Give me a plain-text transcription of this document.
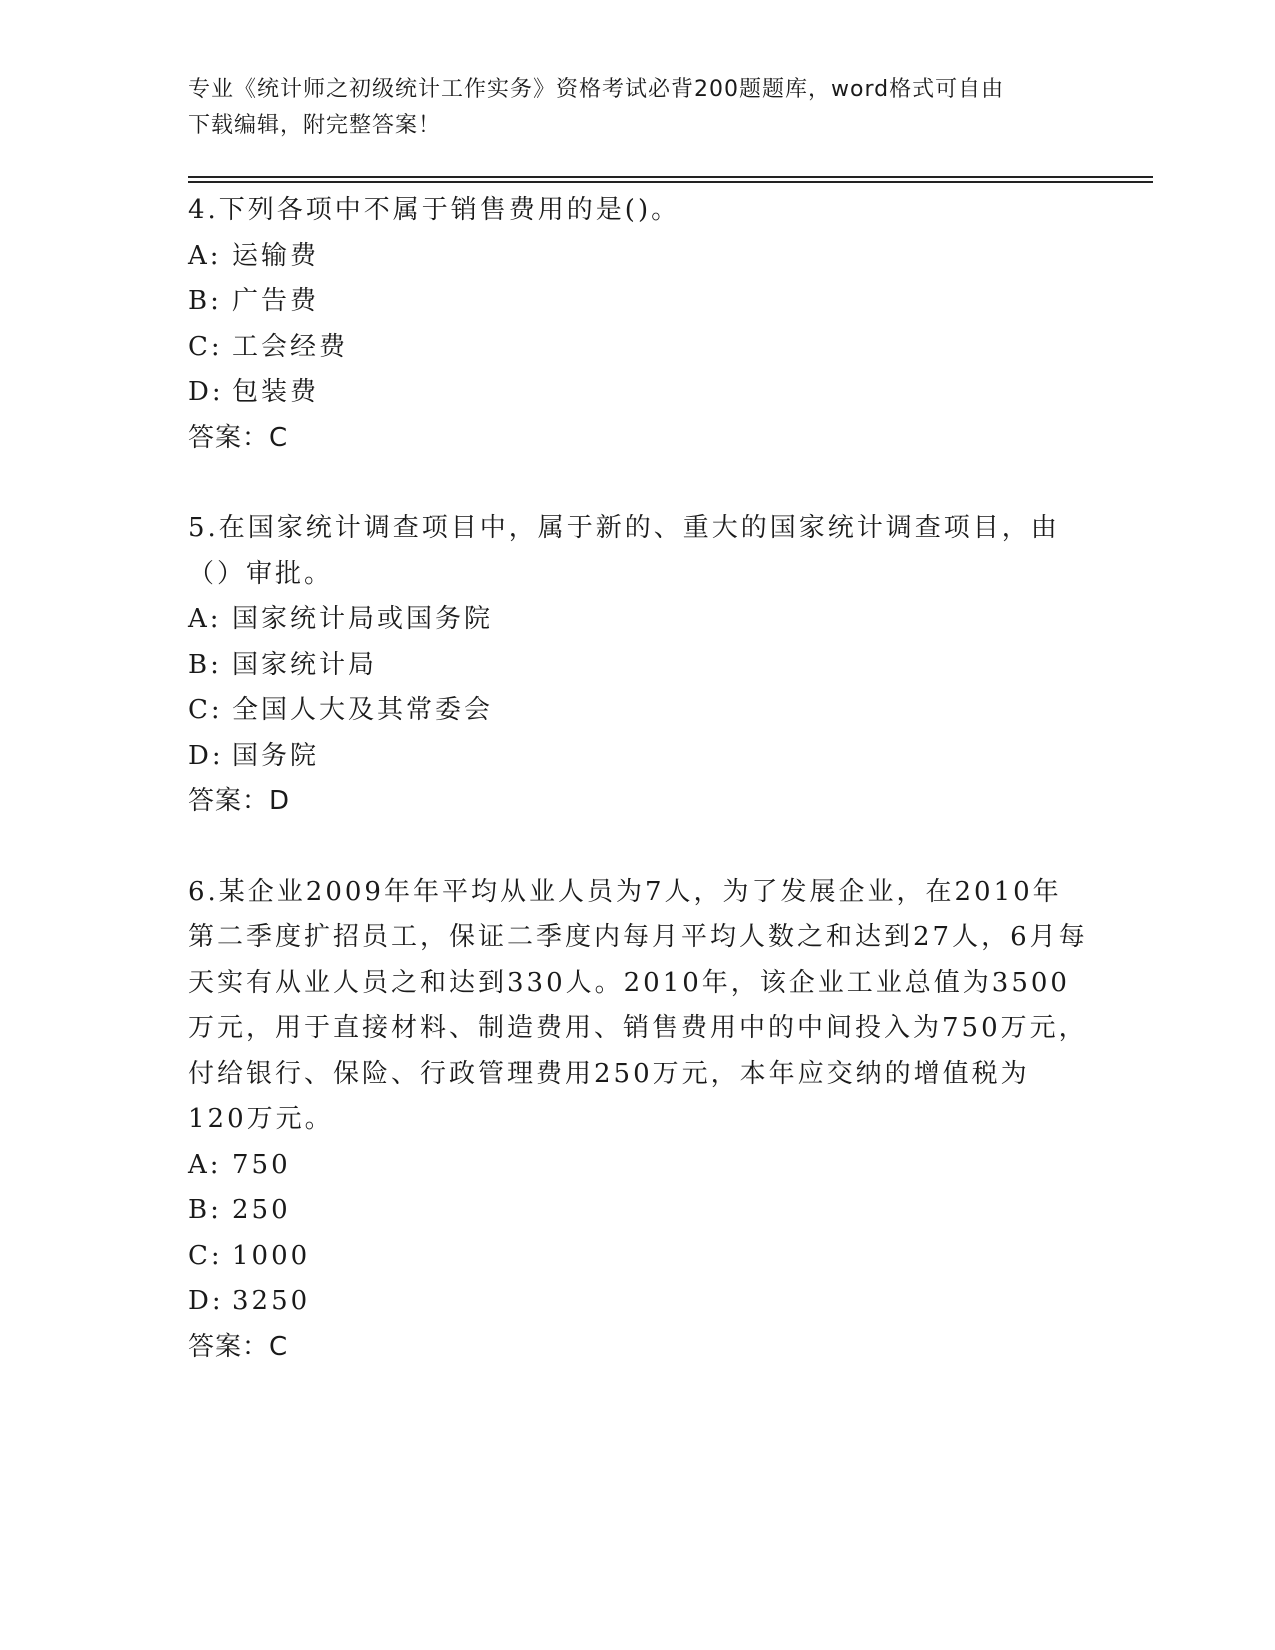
专业《统计师之初级统计工作实务》资格考试必背200题题库，word格式可自由
下载编辑，附完整答案！

4.下列各项中不属于销售费用的是()。

A: 运输费

B: 广告费

C: 工会经费

D: 包装费

答案：C

5.在国家统计调查项目中，属于新的、重大的国家统计调查项目，由（）审批。

A: 国家统计局或国务院

B: 国家统计局

C: 全国人大及其常委会

D: 国务院

答案：D

6.某企业2009年年平均从业人员为7人，为了发展企业，在2010年第二季度扩招员工，保证二季度内每月平均人数之和达到27人，6月每天实有从业人员之和达到330人。2010年，该企业工业总值为3500万元，用于直接材料、制造费用、销售费用中的中间投入为750万元，付给银行、保险、行政管理费用250万元，本年应交纳的增值税为120万元。

A: 750

B: 250

C: 1000

D: 3250

答案：C
